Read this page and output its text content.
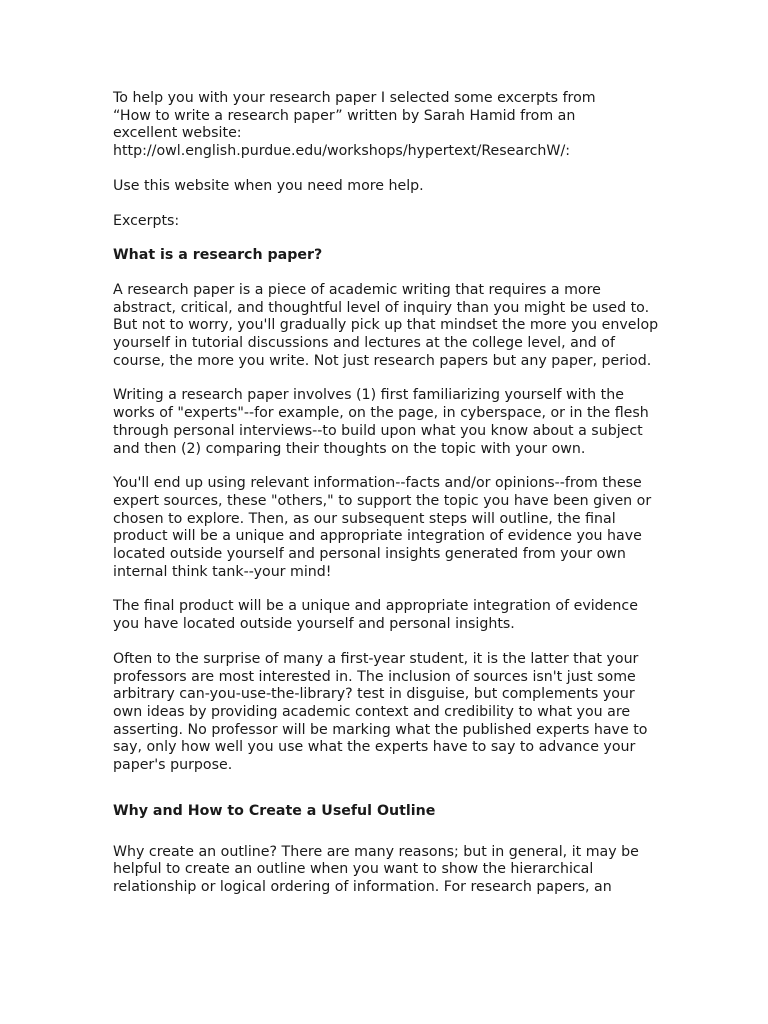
To help you with your research paper I selected some excerpts from

“How to write a research paper” written by Sarah Hamid from an

excellent website:

http://owl.english.purdue.edu/workshops/hypertext/ResearchW/:

Use this website when you need more help.

Excerpts:

What is a research paper?

A research paper is a piece of academic writing that requires a more abstract, critical, and thoughtful level of inquiry than you might be used to. But not to worry, you'll gradually pick up that mindset the more you envelop yourself in tutorial discussions and lectures at the college level, and of course, the more you write. Not just research papers but any paper, period.

Writing a research paper involves (1) first familiarizing yourself with the works of "experts"--for example, on the page, in cyberspace, or in the flesh through personal interviews--to build upon what you know about a subject and then (2) comparing their thoughts on the topic with your own.

You'll end up using relevant information--facts and/or opinions--from these expert sources, these "others," to support the topic you have been given or chosen to explore. Then, as our subsequent steps will outline, the final product will be a unique and appropriate integration of evidence you have located outside yourself and personal insights generated from your own internal think tank--your mind!

The final product will be a unique and appropriate integration of evidence you have located outside yourself and personal insights.

Often to the surprise of many a first-year student, it is the latter that your professors are most interested in. The inclusion of sources isn't just some arbitrary can-you-use-the-library? test in disguise, but complements your own ideas by providing academic context and credibility to what you are asserting. No professor will be marking what the published experts have to say, only how well you use what the experts have to say to advance your paper's purpose.

Why and How to Create a Useful Outline

Why create an outline? There are many reasons; but in general, it may be helpful to create an outline when you want to show the hierarchical relationship or logical ordering of information. For research papers, an
